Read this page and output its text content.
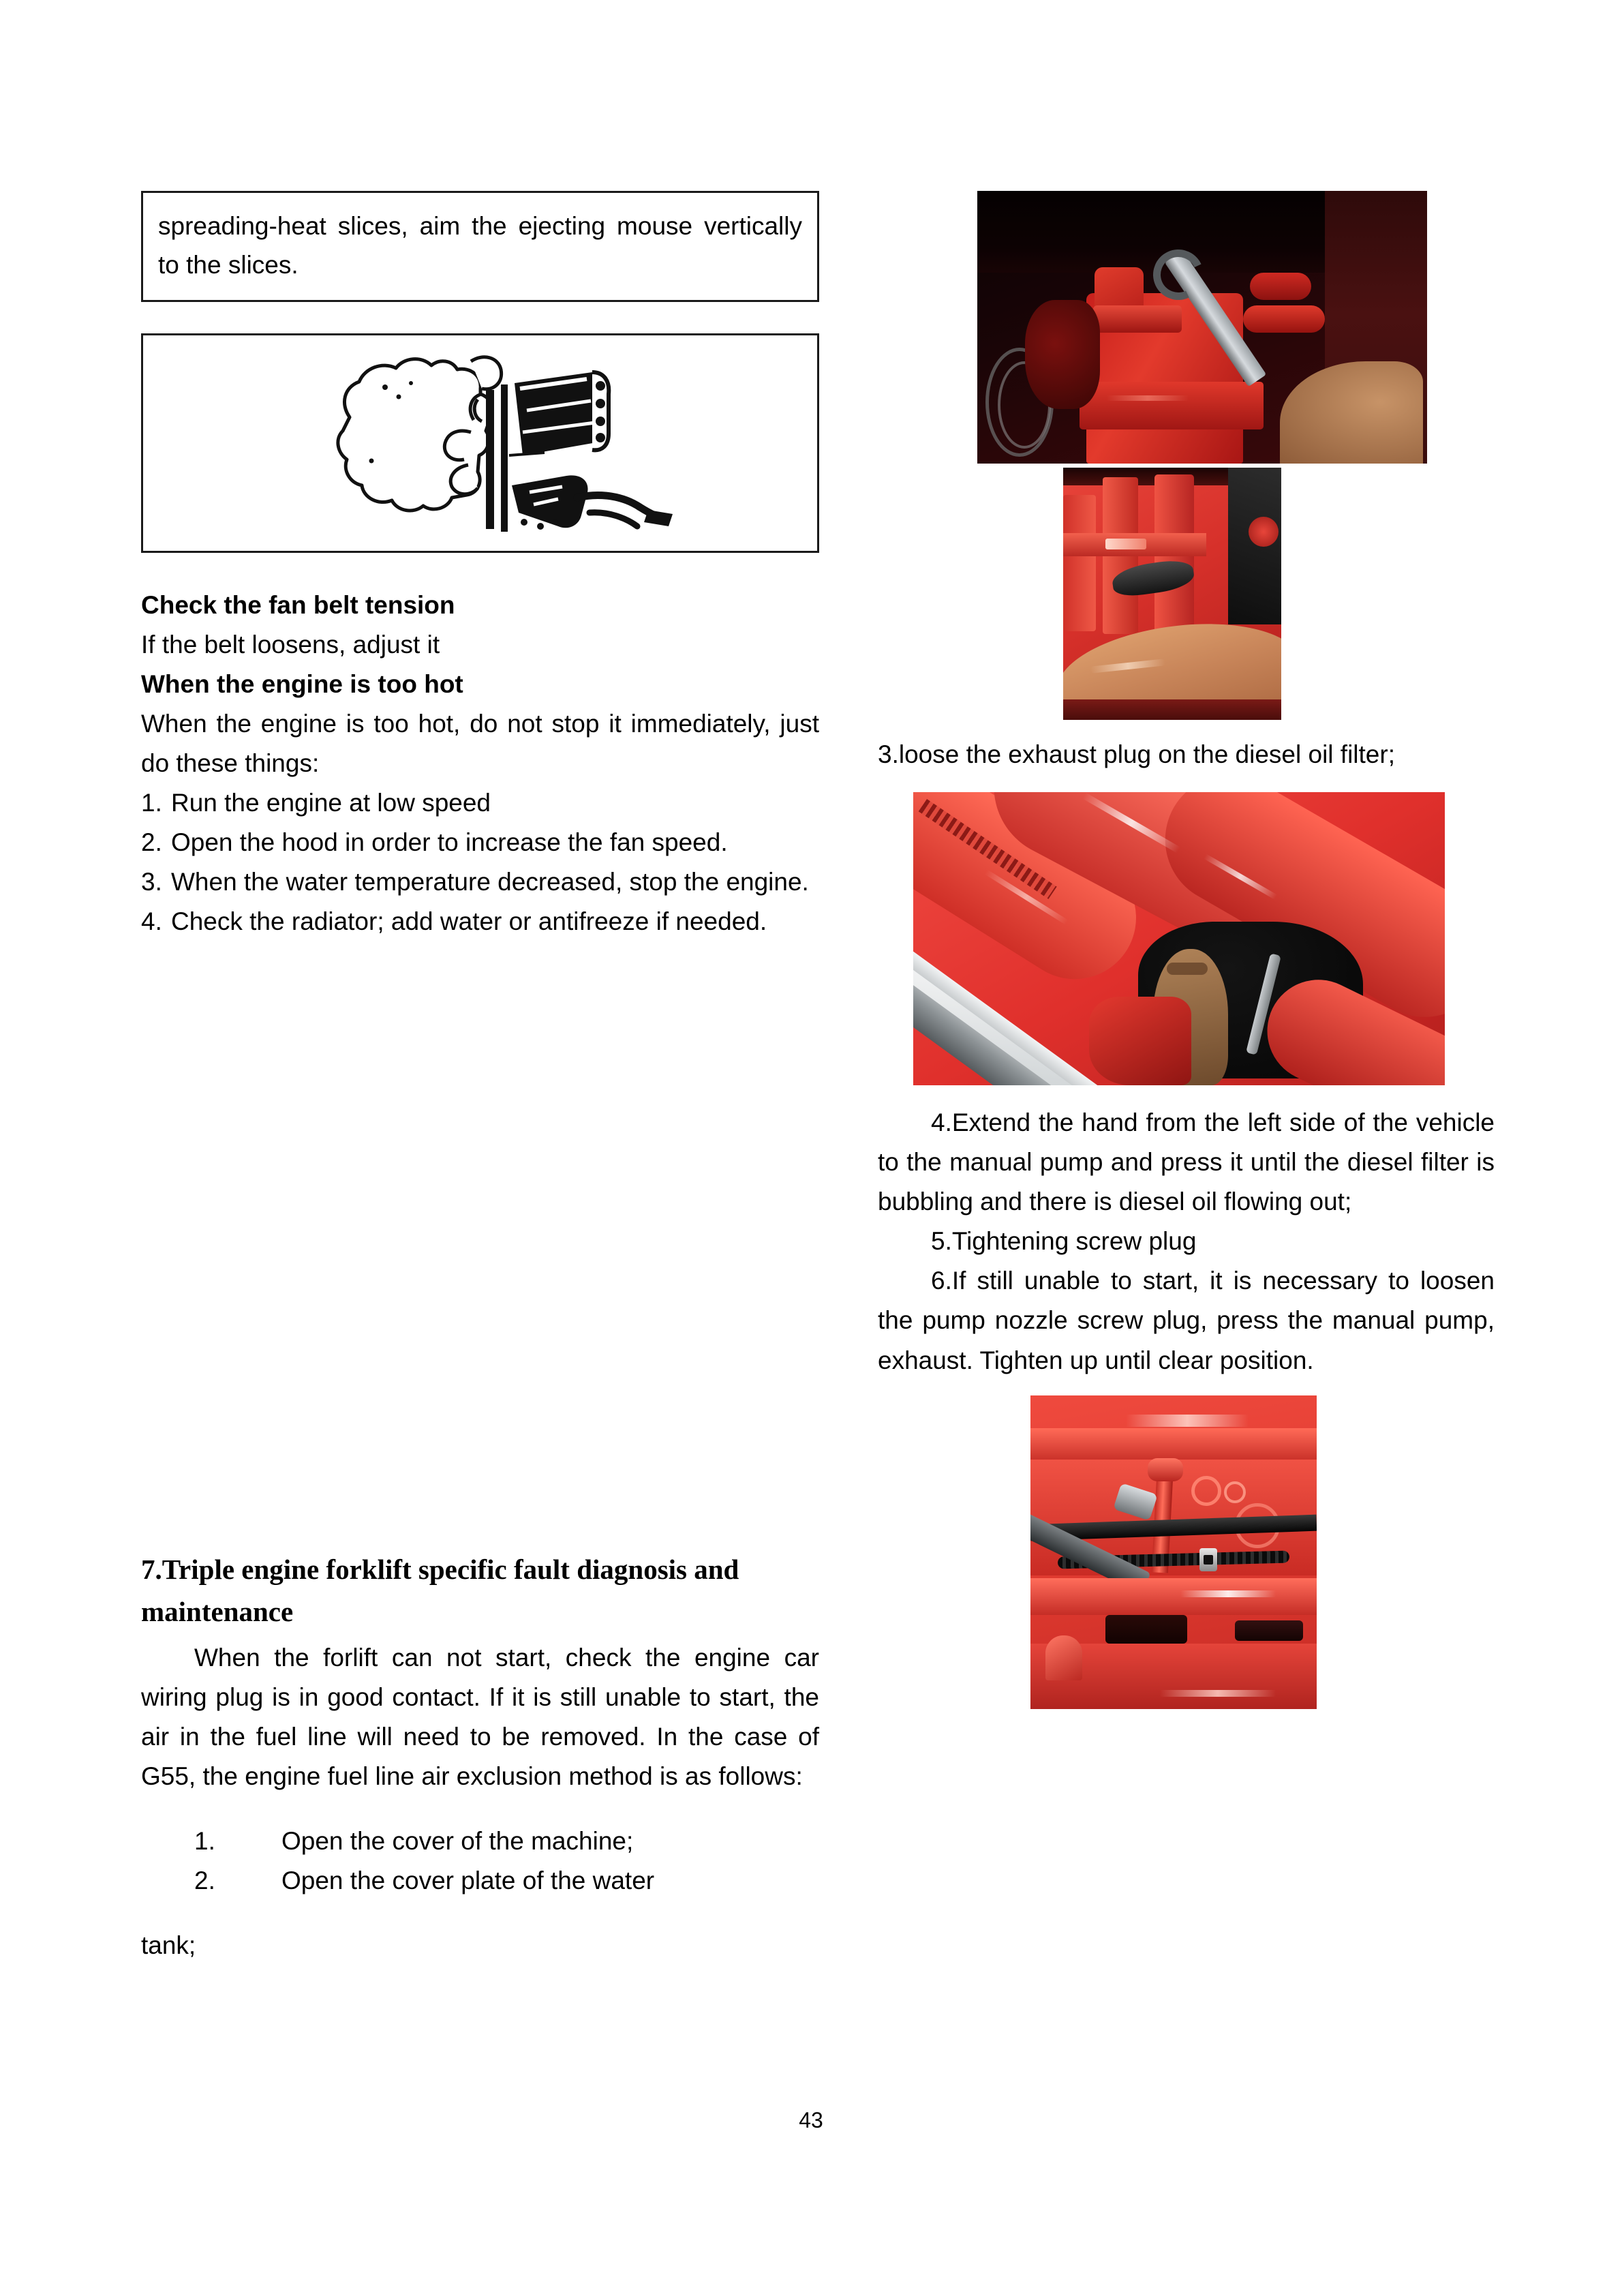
spreading-heat slices, aim the ejecting mouse vertically to the slices.

Check the fan belt tension

If the belt loosens, adjust it

When the engine is too hot

When the engine is too hot, do not stop it immediately, just do these things:

1. Run the engine at low speed
2. Open the hood in order to increase the fan speed.
3. When the water temperature decreased, stop the engine.
4. Check the radiator; add water or antifreeze if needed.

7.Triple engine forklift specific fault diagnosis and maintenance

When the forlift can not start, check the engine car wiring plug is in good contact. If it is still unable to start, the air in the fuel line will need to be removed. In the case of G55, the engine fuel line air exclusion method is as follows:

1.	Open the cover of the machine;
2.	Open the cover plate of the water

tank;

3.loose the exhaust plug on the diesel oil filter;

4.Extend the hand from the left side of the vehicle to the manual pump and press it until the diesel filter is bubbling and there is diesel oil flowing out;

5.Tightening screw plug

6.If still unable to start, it is necessary to loosen the pump nozzle screw plug, press the manual pump, exhaust. Tighten up until clear position.

43
